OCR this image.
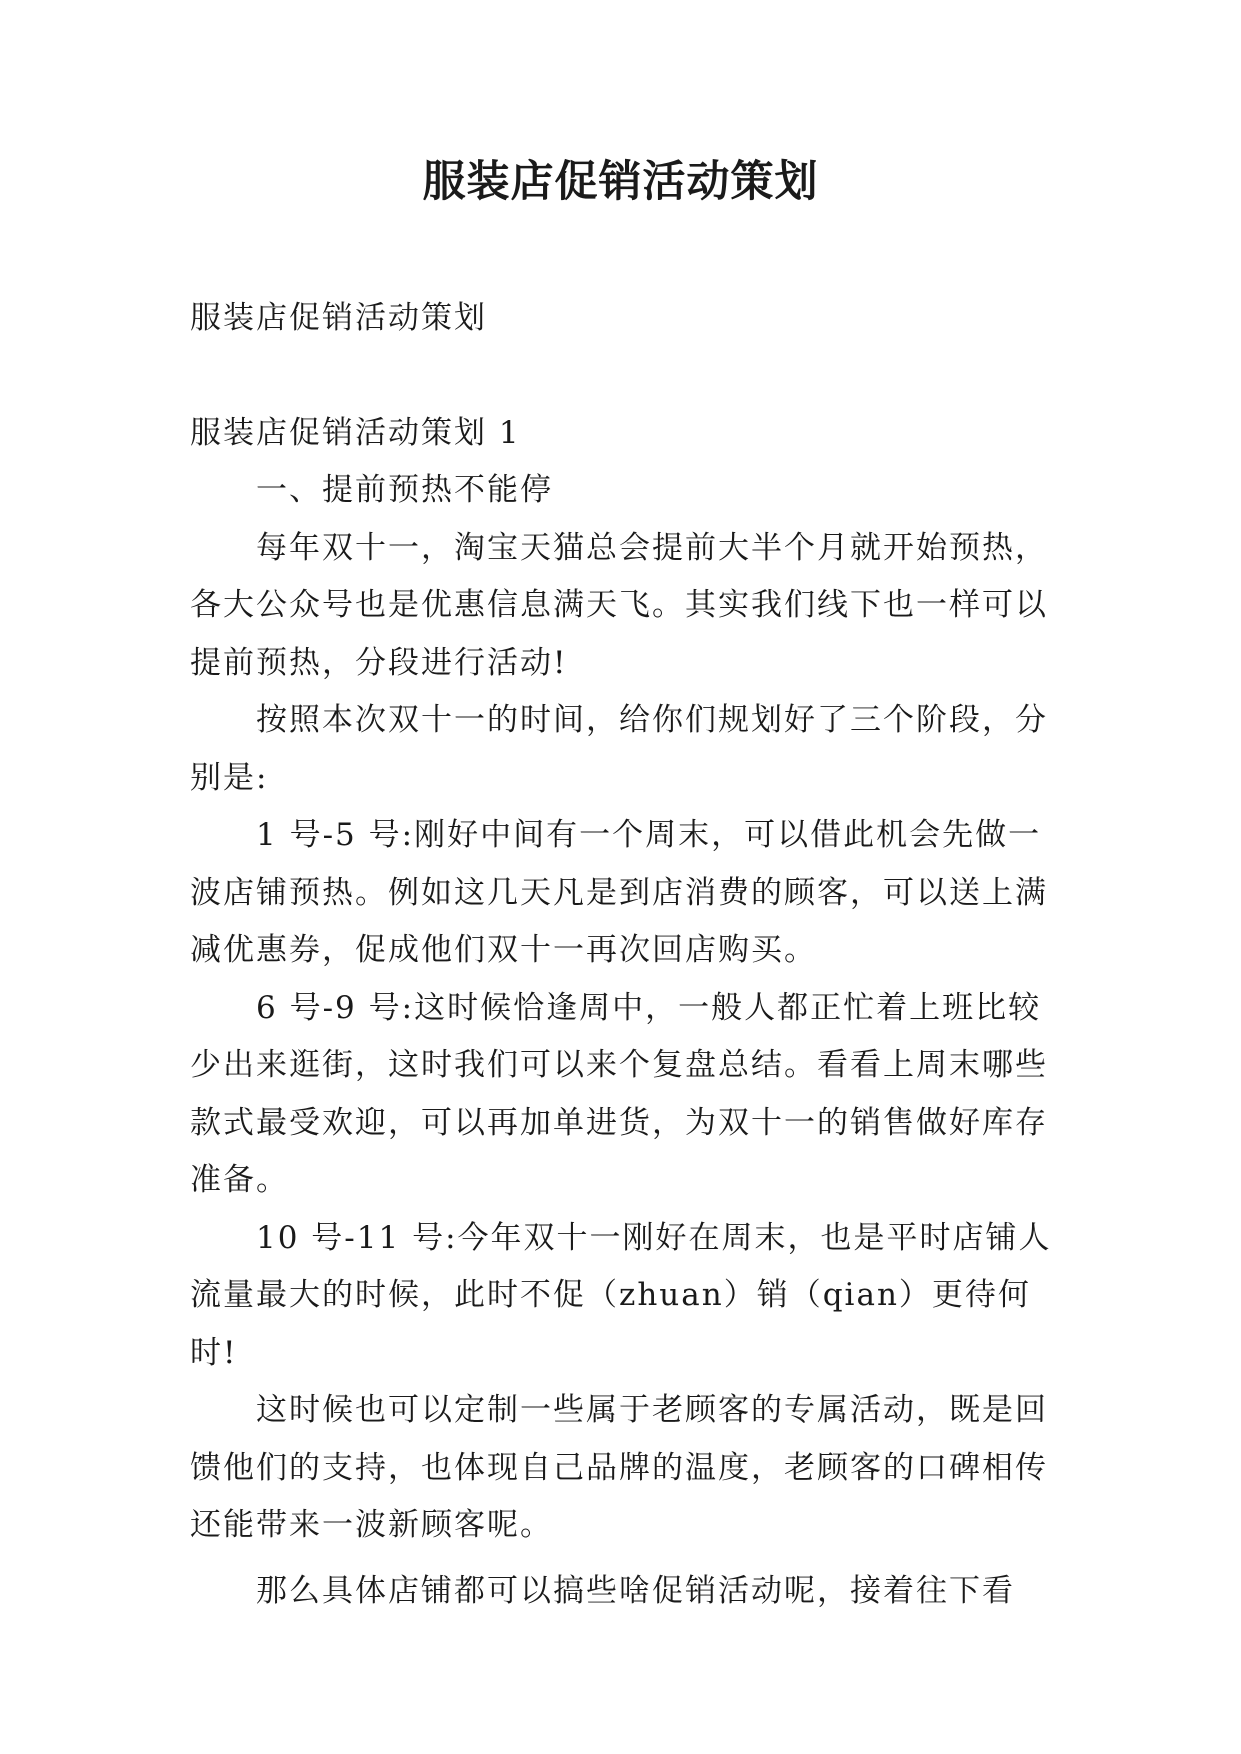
服装店促销活动策划

服装店促销活动策划

服装店促销活动策划 1

一、提前预热不能停

每年双十一，淘宝天猫总会提前大半个月就开始预热，各大公众号也是优惠信息满天飞。其实我们线下也一样可以提前预热，分段进行活动!

按照本次双十一的时间，给你们规划好了三个阶段，分别是:

1 号-5 号:刚好中间有一个周末，可以借此机会先做一波店铺预热。例如这几天凡是到店消费的顾客，可以送上满减优惠券，促成他们双十一再次回店购买。

6 号-9 号:这时候恰逢周中，一般人都正忙着上班比较少出来逛街，这时我们可以来个复盘总结。看看上周末哪些款式最受欢迎，可以再加单进货，为双十一的销售做好库存准备。

10 号-11 号:今年双十一刚好在周末，也是平时店铺人流量最大的时候，此时不促（zhuan）销（qian）更待何时!

这时候也可以定制一些属于老顾客的专属活动，既是回馈他们的支持，也体现自己品牌的温度，老顾客的口碑相传还能带来一波新顾客呢。

那么具体店铺都可以搞些啥促销活动呢，接着往下看
